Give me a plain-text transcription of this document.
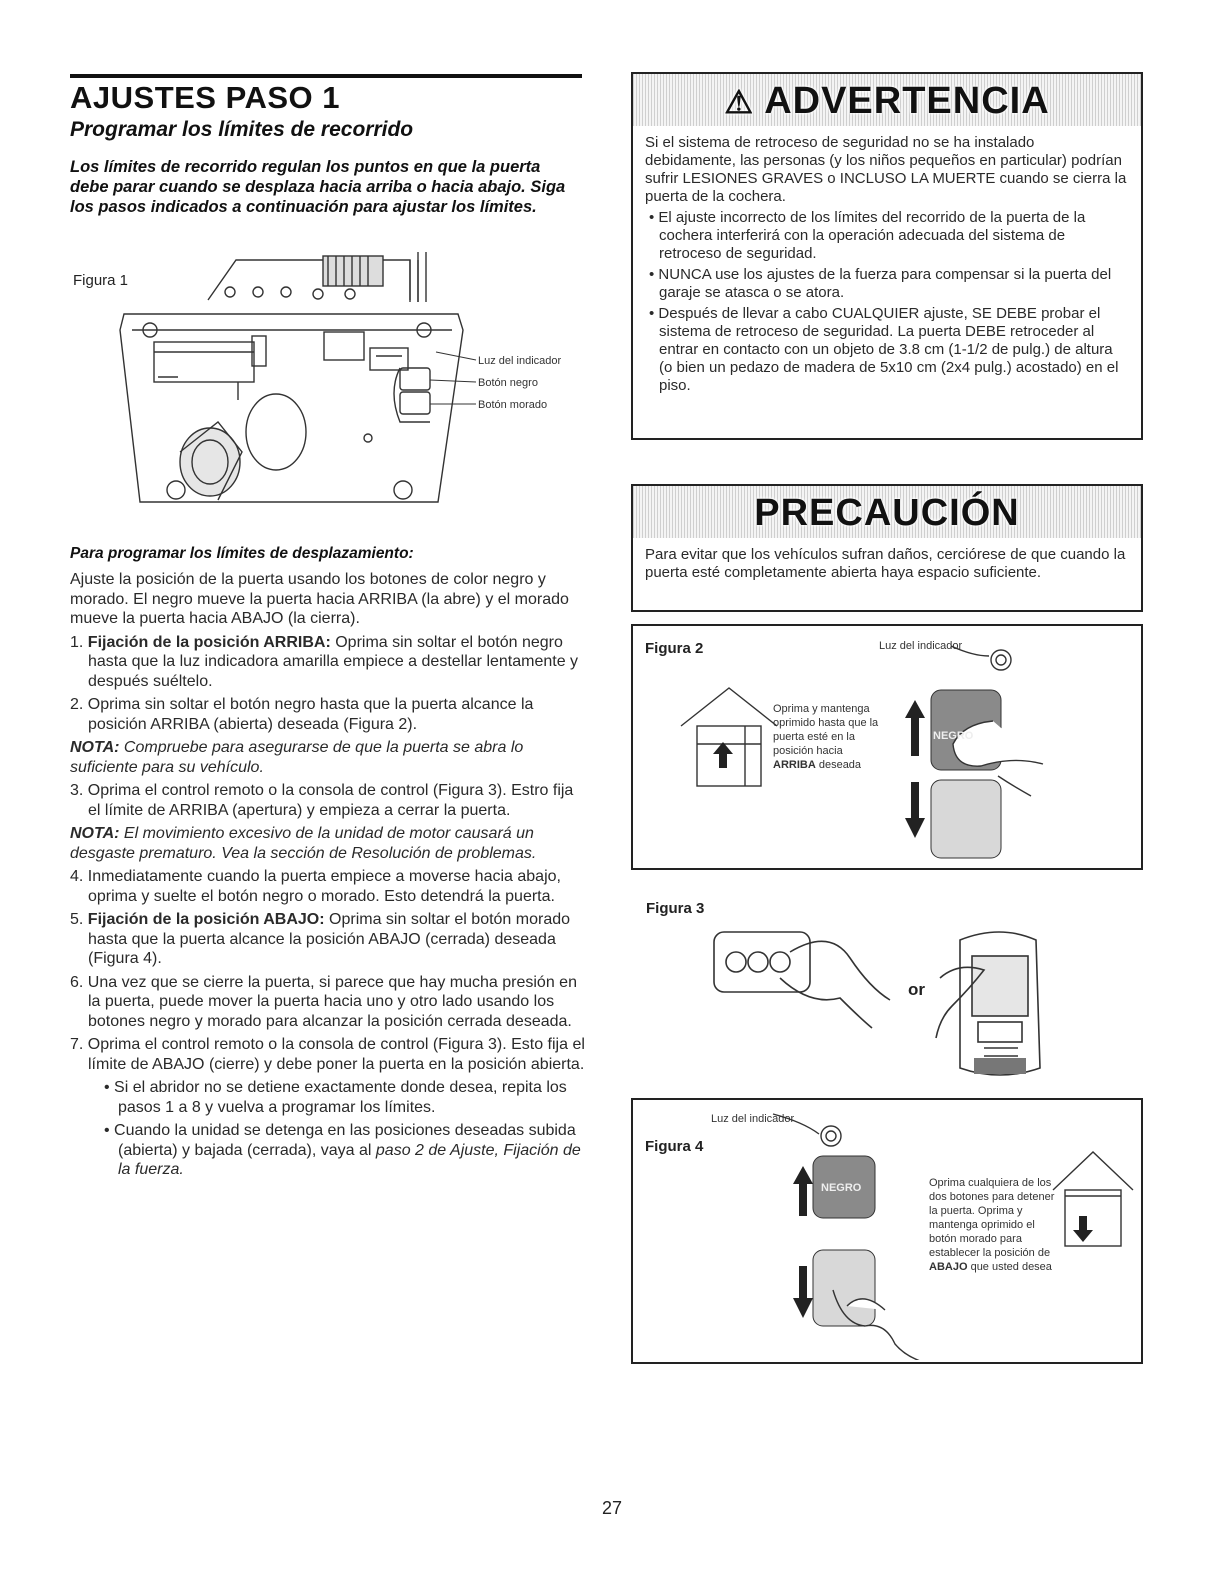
AJUSTES PASO 1
Programar los límites de recorrido
Los límites de recorrido regulan los puntos en que la puerta debe parar cuando se desplaza hacia arriba o hacia abajo. Siga los pasos indicados a continuación para ajustar los límites.
Figura 1
Luz del indicador
Botón negro
Botón morado
Para programar los límites de desplazamiento:

Ajuste la posición de la puerta usando los botones de color negro y morado. El negro mueve la puerta hacia ARRIBA (la abre) y el morado mueve la puerta hacia ABAJO (la cierra).

1. Fijación de la posición ARRIBA: Oprima sin soltar el botón negro hasta que la luz indicadora amarilla empiece a destellar lentamente y después suéltelo.

2. Oprima sin soltar el botón negro hasta que la puerta alcance la posición ARRIBA (abierta) deseada (Figura 2).

NOTA: Compruebe para asegurarse de que la puerta se abra lo suficiente para su vehículo.

3. Oprima el control remoto o la consola de control (Figura 3). Estro fija el límite de ARRIBA (apertura) y empieza a cerrar la puerta.

NOTA: El movimiento excesivo de la unidad de motor causará un desgaste prematuro. Vea la sección de Resolución de problemas.

4. Inmediatamente cuando la puerta empiece a moverse hacia abajo, oprima y suelte el botón negro o morado. Esto detendrá la puerta.

5. Fijación de la posición ABAJO: Oprima sin soltar el botón morado hasta que la puerta alcance la posición ABAJO (cerrada) deseada (Figura 4).

6. Una vez que se cierre la puerta, si parece que hay mucha presión en la puerta, puede mover la puerta hacia uno y otro lado usando los botones negro y morado para alcanzar la posición cerrada deseada.

7. Oprima el control remoto o la consola de control (Figura 3). Esto fija el límite de ABAJO (cierre) y debe poner la puerta en la posición abierta.

• Si el abridor no se detiene exactamente donde desea, repita los pasos 1 a 8 y vuelva a programar los límites.

• Cuando la unidad se detenga en las posiciones deseadas subida (abierta) y bajada (cerrada), vaya al paso 2 de Ajuste, Fijación de la fuerza.

⚠ ADVERTENCIA

Si el sistema de retroceso de seguridad no se ha instalado debidamente, las personas (y los niños pequeños en particular) podrían sufrir LESIONES GRAVES o INCLUSO LA MUERTE cuando se cierra la puerta de la cochera.

• El ajuste incorrecto de los límites del recorrido de la puerta de la cochera interferirá con la operación adecuada del sistema de retroceso de seguridad.

• NUNCA use los ajustes de la fuerza para compensar si la puerta del garaje se atasca o se atora.

• Después de llevar a cabo CUALQUIER ajuste, SE DEBE probar el sistema de retroceso de seguridad. La puerta DEBE retroceder al entrar en contacto con un objeto de 3.8 cm (1-1/2 de pulg.) de altura (o bien un pedazo de madera de 5x10 cm (2x4 pulg.) acostado) en el piso.

PRECAUCIÓN
Para evitar que los vehículos sufran daños, cerciórese de que cuando la puerta esté completamente abierta haya espacio suficiente.
Figura 2	Luz del indicador
NEGRO
Oprima y mantenga oprimido hasta que la puerta esté en la posición hacia ARRIBA deseada
Figura 3
or
Luz del indicador
Figura 4
NEGRO	Oprima cualquiera de los dos botones para detener la puerta. Oprima y mantenga oprimido el botón morado para establecer la posición de ABAJO que usted desea
27
